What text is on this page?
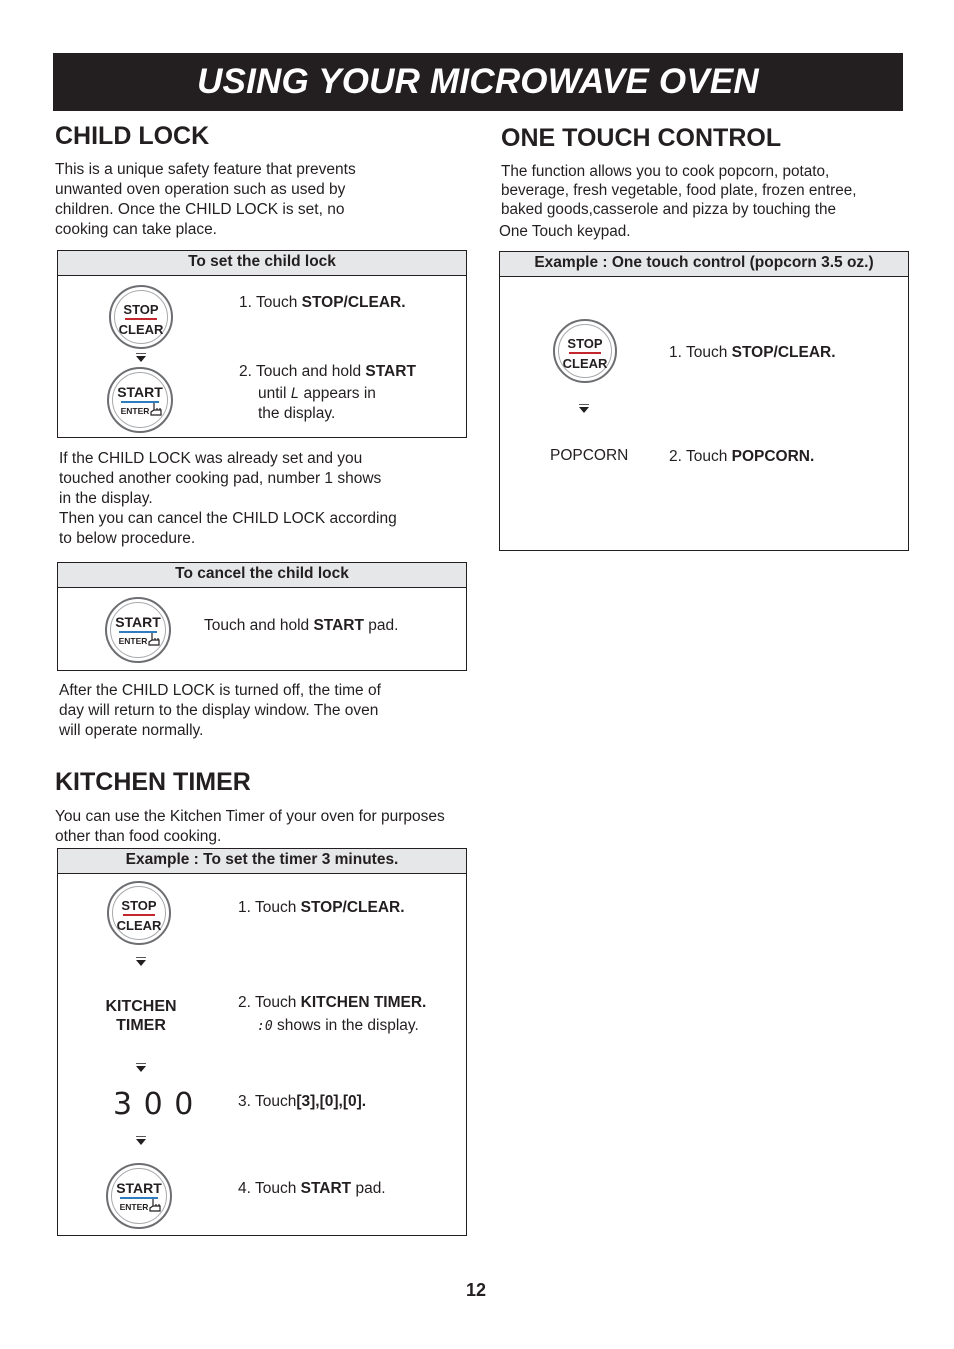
USING YOUR MICROWAVE OVEN
CHILD LOCK
This is a unique safety feature that prevents
unwanted oven operation such as used by
children. Once the CHILD LOCK is set, no
cooking can take place.
To set the child lock
STOP
CLEAR
START
ENTER
1. Touch STOP/CLEAR.
2. Touch and hold START
until L appears in
the display.
If the CHILD LOCK was already set and you
touched another cooking pad, number 1 shows
in the display.
Then you can cancel the CHILD LOCK according
to below procedure.
To cancel the child lock
START
ENTER
Touch and hold START pad.
After the CHILD LOCK is turned off, the time of
day will return to the display window. The oven
will operate normally.
KITCHEN TIMER
You can use the Kitchen Timer of your oven for purposes
other than food cooking.
Example : To set the timer 3 minutes.
STOP
CLEAR
1. Touch STOP/CLEAR.
KITCHEN
TIMER
2. Touch KITCHEN TIMER.
:0 shows in the display.
3 0 0	3. Touch[3],[0],[0].
START
ENTER
4. Touch START pad.
ONE TOUCH CONTROL
The function allows you to cook popcorn, potato,
beverage, fresh vegetable, food plate, frozen entree,
baked goods,casserole and pizza by touching the
One Touch keypad.
Example : One touch control (popcorn 3.5 oz.)
STOP
CLEAR
1. Touch STOP/CLEAR.
POPCORN	2. Touch POPCORN.
12
